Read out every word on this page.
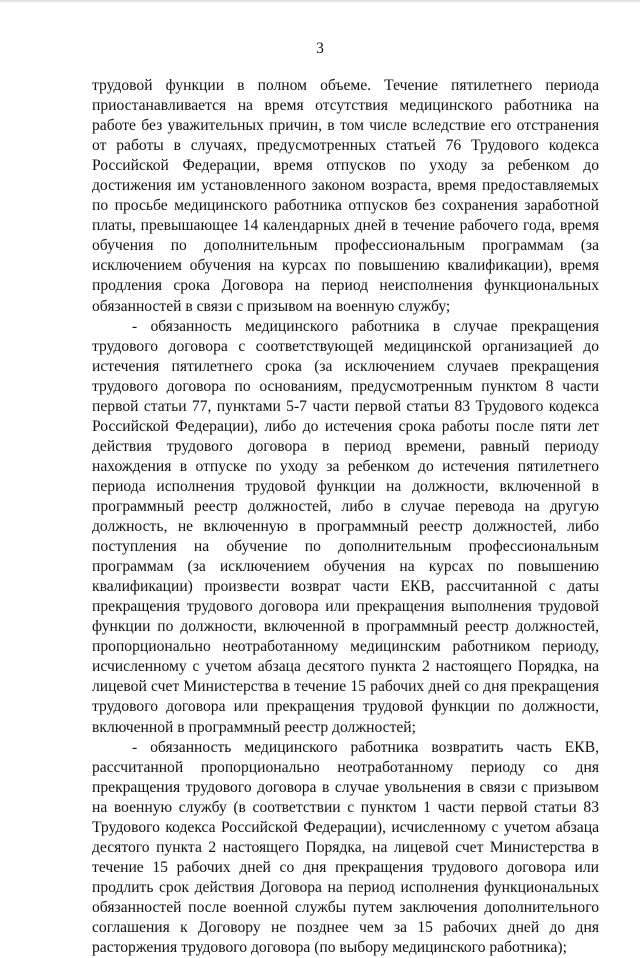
3

трудовой функции в полном объеме. Течение пятилетнего периода приостанавливается на время отсутствия медицинского работника на работе без уважительных причин, в том числе вследствие его отстранения от работы в случаях, предусмотренных статьей 76 Трудового кодекса Российской Федерации, время отпусков по уходу за ребенком до достижения им установленного законом возраста, время предоставляемых по просьбе медицинского работника отпусков без сохранения заработной платы, превышающее 14 календарных дней в течение рабочего года, время обучения по дополнительным профессиональным программам (за исключением обучения на курсах по повышению квалификации), время продления срока Договора на период неисполнения функциональных обязанностей в связи с призывом на военную службу;

- обязанность медицинского работника в случае прекращения трудового договора с соответствующей медицинской организацией до истечения пятилетнего срока (за исключением случаев прекращения трудового договора по основаниям, предусмотренным пунктом 8 части первой статьи 77, пунктами 5-7 части первой статьи 83 Трудового кодекса Российской Федерации), либо до истечения срока работы после пяти лет действия трудового договора в период времени, равный периоду нахождения в отпуске по уходу за ребенком до истечения пятилетнего периода исполнения трудовой функции на должности, включенной в программный реестр должностей, либо в случае перевода на другую должность, не включенную в программный реестр должностей, либо поступления на обучение по дополнительным профессиональным программам (за исключением обучения на курсах по повышению квалификации) произвести возврат части ЕКВ, рассчитанной с даты прекращения трудового договора или прекращения выполнения трудовой функции по должности, включенной в программный реестр должностей, пропорционально неотработанному медицинским работником периоду, исчисленному с учетом абзаца десятого пункта 2 настоящего Порядка, на лицевой счет Министерства в течение 15 рабочих дней со дня прекращения трудового договора или прекращения трудовой функции по должности, включенной в программный реестр должностей;

- обязанность медицинского работника возвратить часть ЕКВ, рассчитанной пропорционально неотработанному периоду со дня прекращения трудового договора в случае увольнения в связи с призывом на военную службу (в соответствии с пунктом 1 части первой статьи 83 Трудового кодекса Российской Федерации), исчисленному с учетом абзаца десятого пункта 2 настоящего Порядка, на лицевой счет Министерства в течение 15 рабочих дней со дня прекращения трудового договора или продлить срок действия Договора на период исполнения функциональных обязанностей после военной службы путем заключения дополнительного соглашения к Договору не позднее чем за 15 рабочих дней до дня расторжения трудового договора (по выбору медицинского работника);
